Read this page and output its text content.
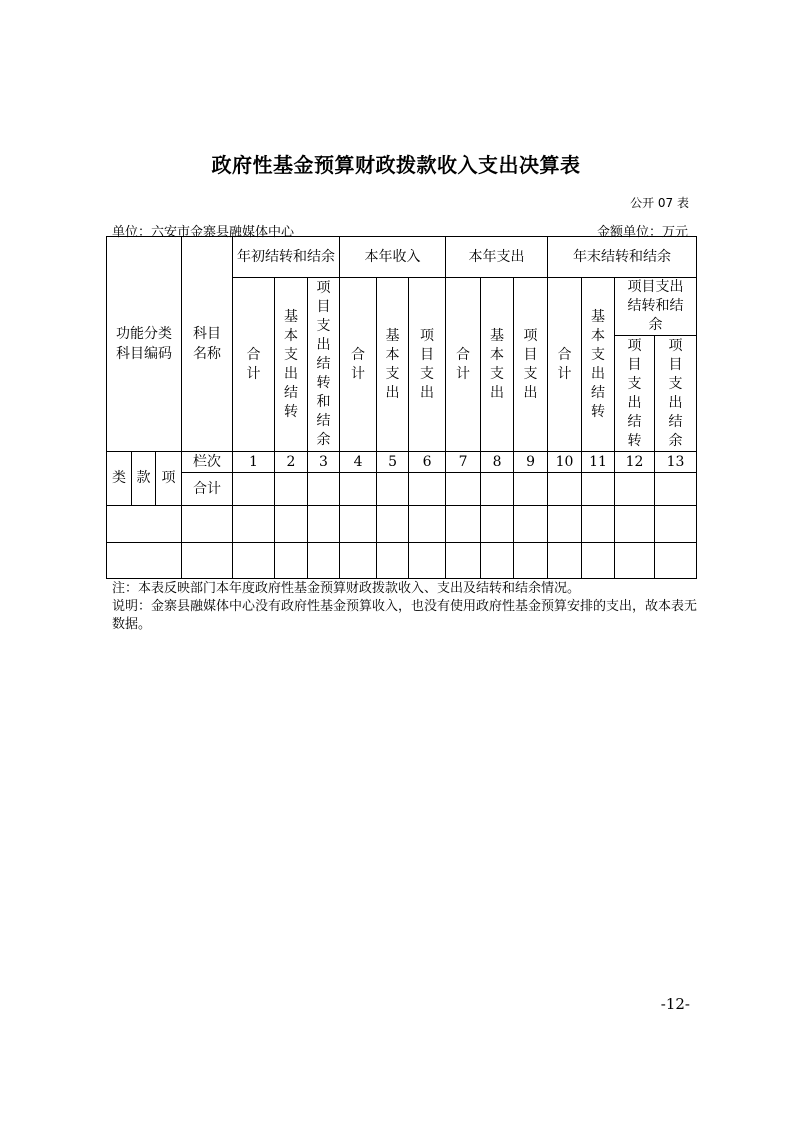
政府性基金预算财政拨款收入支出决算表
公开 07 表
单位：六安市金寨县融媒体中心	金额单位：万元
功能分类科目编码			科目名称	年初结转和结余			本年收入			本年支出			年末结转和结余			
				合计	基本支出结转	项目支出结转和结余	合计	基本支出	项目支出	合计	基本支出	项目支出	合计	基本支出结转	项目支出结转和结余	
															项目支出结转	项目支出结余
类	款	项	栏次	1	2	3	4	5	6	7	8	9	10	11	12	13
			合计													

注：本表反映部门本年度政府性基金预算财政拨款收入、支出及结转和结余情况。
说明：金寨县融媒体中心没有政府性基金预算收入，也没有使用政府性基金预算安排的支出，故本表无数据。
-12-
